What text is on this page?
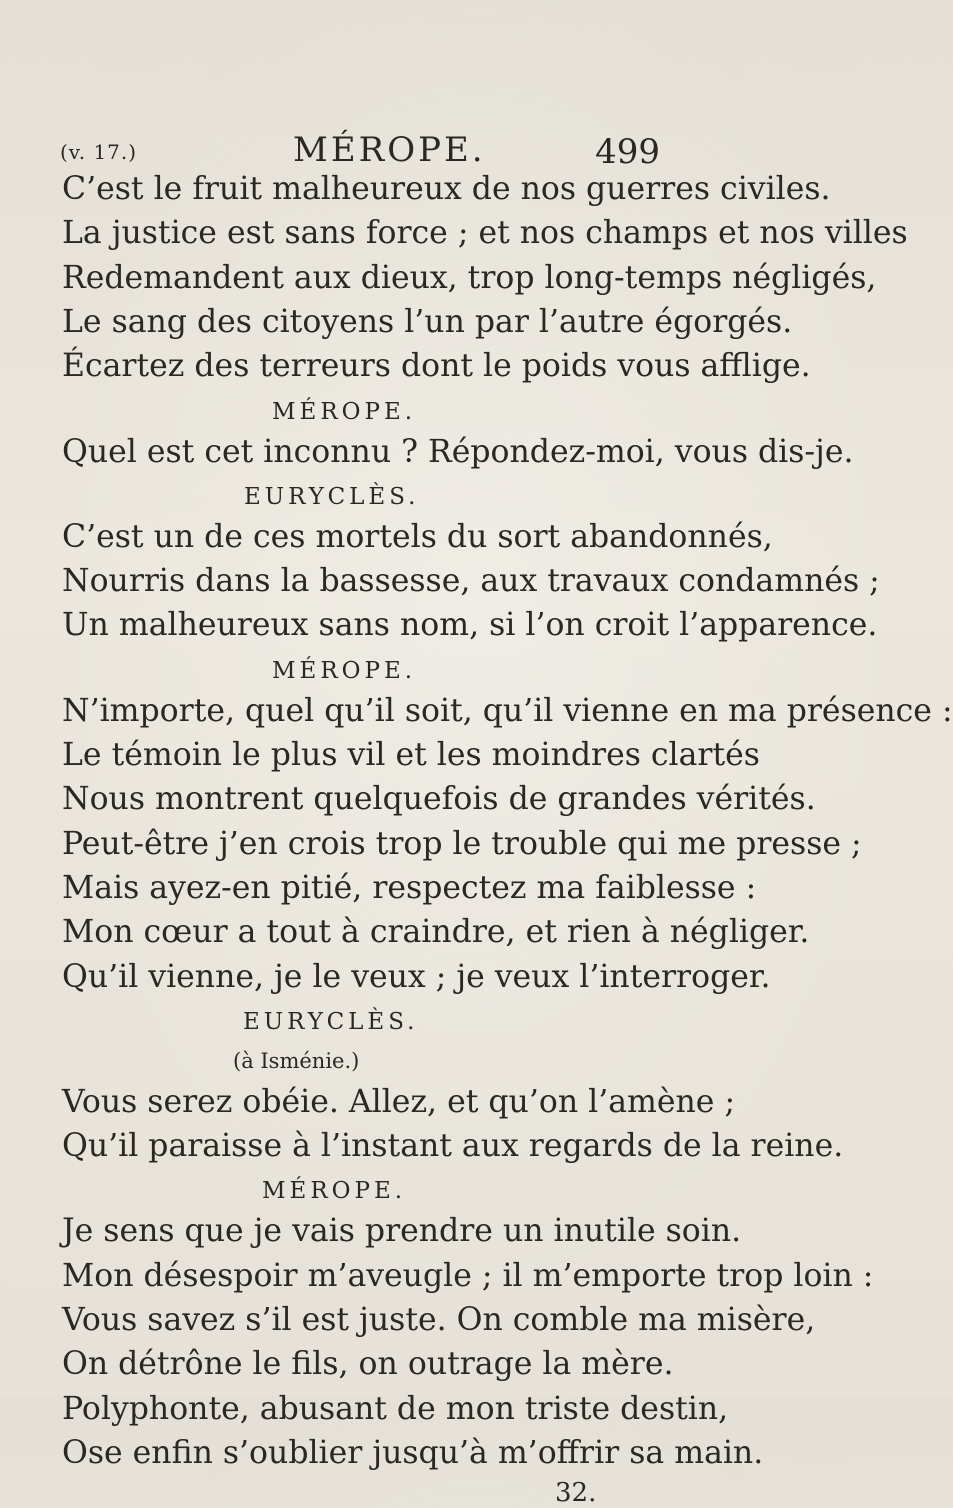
(v. 17.)	MÉROPE.	499
C’est le fruit malheureux de nos guerres civiles.
La justice est sans force ; et nos champs et nos villes
Redemandent aux dieux, trop long-temps négligés,
Le sang des citoyens l’un par l’autre égorgés.
Écartez des terreurs dont le poids vous afflige.
MÉROPE.
Quel est cet inconnu ? Répondez-moi, vous dis-je.
EURYCLÈS.
C’est un de ces mortels du sort abandonnés,
Nourris dans la bassesse, aux travaux condamnés ;
Un malheureux sans nom, si l’on croit l’apparence.
MÉROPE.
N’importe, quel qu’il soit, qu’il vienne en ma présence :
Le témoin le plus vil et les moindres clartés
Nous montrent quelquefois de grandes vérités.
Peut-être j’en crois trop le trouble qui me presse ;
Mais ayez-en pitié, respectez ma faiblesse :
Mon cœur a tout à craindre, et rien à négliger.
Qu’il vienne, je le veux ; je veux l’interroger.
EURYCLÈS.
(à Isménie.)
Vous serez obéie. Allez, et qu’on l’amène ;
Qu’il paraisse à l’instant aux regards de la reine.
MÉROPE.
Je sens que je vais prendre un inutile soin.
Mon désespoir m’aveugle ; il m’emporte trop loin :
Vous savez s’il est juste. On comble ma misère,
On détrône le fils, on outrage la mère.
Polyphonte, abusant de mon triste destin,
Ose enfin s’oublier jusqu’à m’offrir sa main.
32.
